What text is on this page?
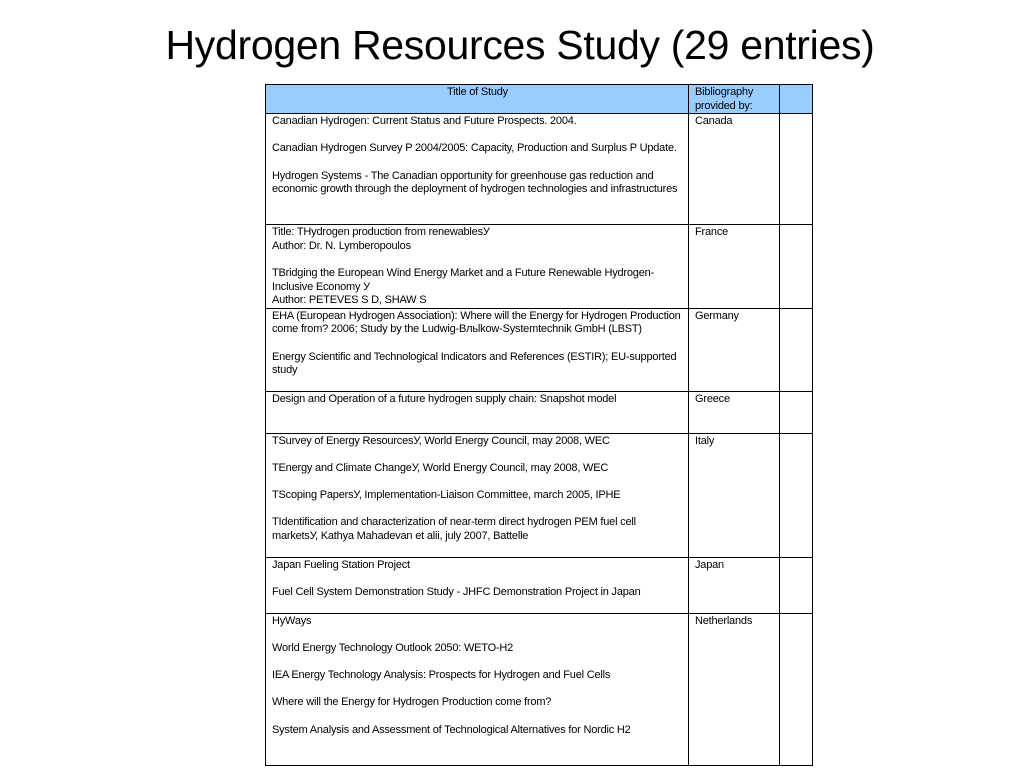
Hydrogen Resources Study (29 entries)
Title of Study	Bibliography provided by:	

Canadian Hydrogen: Current Status and Future Prospects. 2004.
Canadian Hydrogen Survey P 2004/2005: Capacity, Production and Surplus P Update.
Hydrogen Systems - The Canadian opportunity for greenhouse gas reduction and economic growth through the deployment of hydrogen technologies and infrastructures	Canada	

Title: THydrogen production from renewablesУ
Author: Dr. N. Lymberopoulos
TBridging the European Wind Energy Market and a Future Renewable Hydrogen-Inclusive Economy У
Author: PETEVES S D, SHAW S	France	

EHA (European Hydrogen Association): Where will the Energy for Hydrogen Production come from? 2006; Study by the Ludwig-Вльlkow-Systemtechnik GmbH (LBST)
Energy Scientific and Technological Indicators and References (ESTIR); EU-supported study	Germany	

Design and Operation of a future hydrogen supply chain: Snapshot model	Greece	

TSurvey of Energy ResourcesУ, World Energy Council, may 2008, WEC
TEnergy and Climate ChangeУ, World Energy Council, may 2008, WEC
TScoping PapersУ, Implementation-Liaison Committee, march 2005, IPHE
TIdentification and characterization of near-term direct hydrogen PEM fuel cell marketsУ, Kathya Mahadevan et alii, july 2007, Battelle	Italy	

Japan Fueling Station Project
Fuel Cell System Demonstration Study - JHFC Demonstration Project in Japan	Japan	

HyWays
World Energy Technology Outlook 2050: WETO-H2
IEA Energy Technology Analysis: Prospects for Hydrogen and Fuel Cells
Where will the Energy for Hydrogen Production come from?
System Analysis and Assessment of Technological Alternatives for Nordic H2	Netherlands	
